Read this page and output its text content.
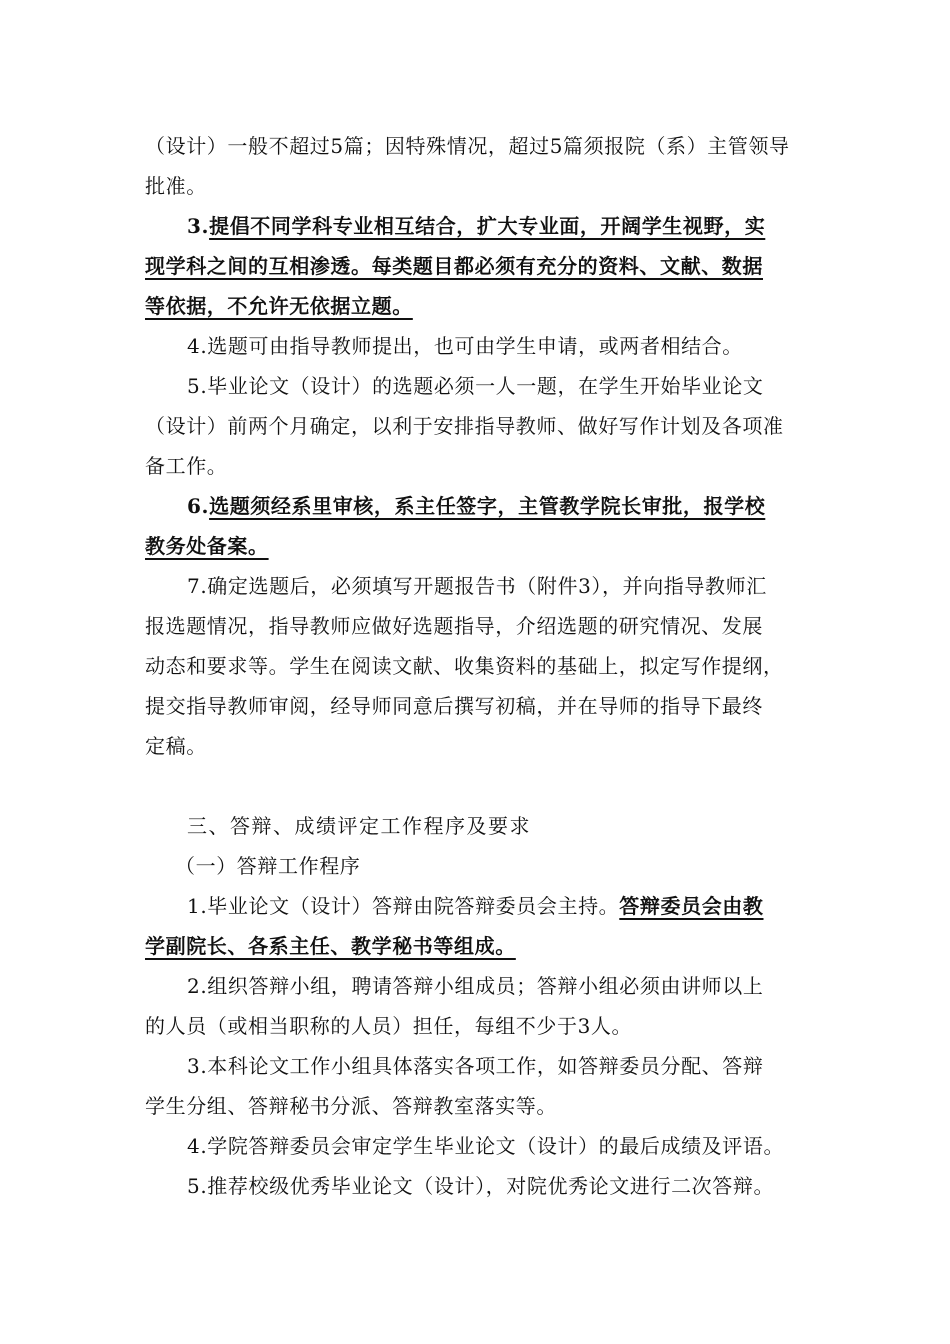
（设计）一般不超过5篇；因特殊情况，超过5篇须报院（系）主管领导
批准。
3.提倡不同学科专业相互结合，扩大专业面，开阔学生视野，实
现学科之间的互相渗透。每类题目都必须有充分的资料、文献、数据
等依据，不允许无依据立题。
4.选题可由指导教师提出，也可由学生申请，或两者相结合。
5.毕业论文（设计）的选题必须一人一题，在学生开始毕业论文
（设计）前两个月确定，以利于安排指导教师、做好写作计划及各项准
备工作。
6.选题须经系里审核，系主任签字，主管教学院长审批，报学校
教务处备案。
7.确定选题后，必须填写开题报告书（附件3），并向指导教师汇
报选题情况，指导教师应做好选题指导，介绍选题的研究情况、发展
动态和要求等。学生在阅读文献、收集资料的基础上，拟定写作提纲，
提交指导教师审阅，经导师同意后撰写初稿，并在导师的指导下最终
定稿。
三、答辩、成绩评定工作程序及要求
（一）答辩工作程序
1.毕业论文（设计）答辩由院答辩委员会主持。答辩委员会由教
学副院长、各系主任、教学秘书等组成。
2.组织答辩小组，聘请答辩小组成员；答辩小组必须由讲师以上
的人员（或相当职称的人员）担任，每组不少于3人。
3.本科论文工作小组具体落实各项工作，如答辩委员分配、答辩
学生分组、答辩秘书分派、答辩教室落实等。
4.学院答辩委员会审定学生毕业论文（设计）的最后成绩及评语。
5.推荐校级优秀毕业论文（设计），对院优秀论文进行二次答辩。
